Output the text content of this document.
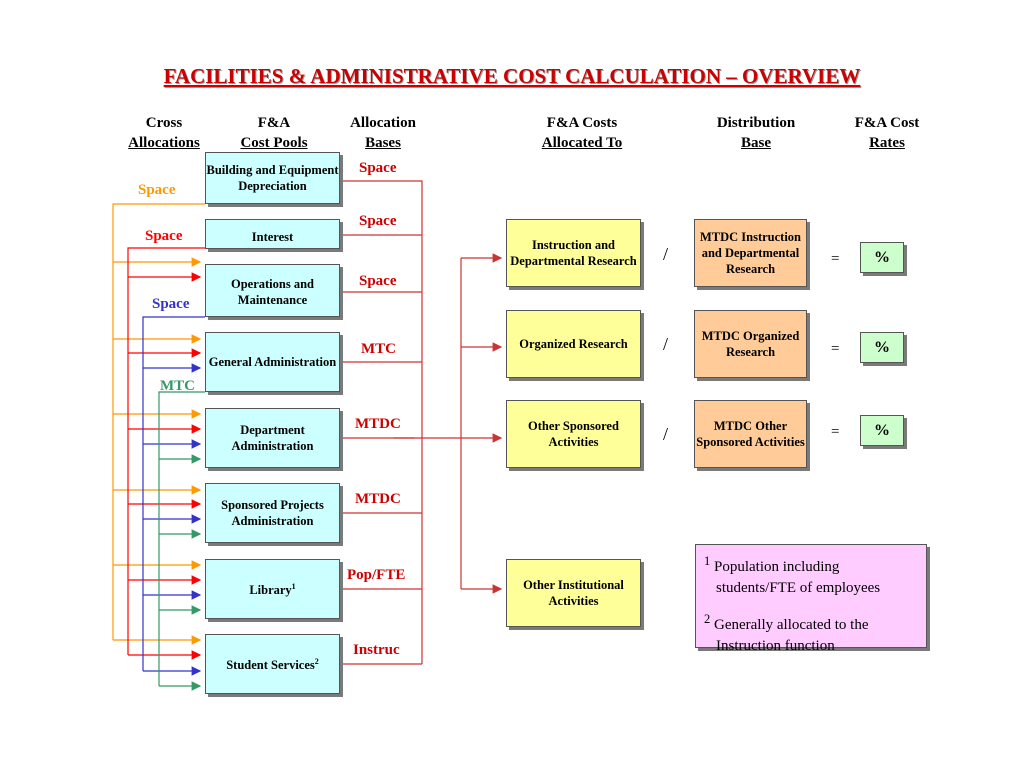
FACILITIES & ADMINISTRATIVE COST CALCULATION – OVERVIEW
Cross
Allocations
F&A
Cost Pools
Allocation
Bases
F&A Costs
Allocated To
Distribution
Base
F&A Cost
Rates
Space
Space
Space
MTC
Building and Equipment Depreciation
Interest
Operations and Maintenance
General Administration
Department Administration
Sponsored Projects Administration
Library$^1$
Student Services$^2$
Space
Space
Space
MTC
MTDC
MTDC
Pop/FTE
Instruc
Instruction and Departmental Research
Organized Research
Other Sponsored Activities
Other Institutional Activities
/
/
/
MTDC Instruction and Departmental Research
MTDC Organized Research
MTDC Other Sponsored Activities
=
=
=
%
%
%

$^1$ Population including students/FTE of employees

$^2$ Generally allocated to the Instruction function
